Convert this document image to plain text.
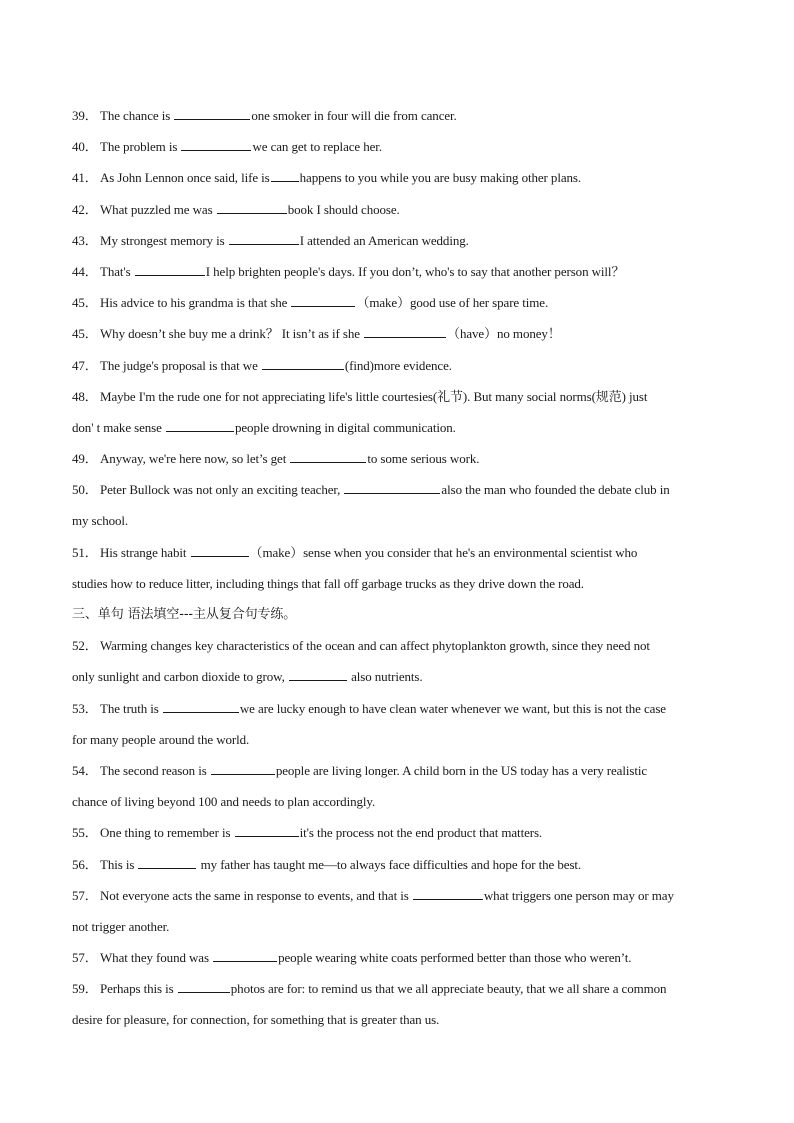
39． The chance is	one smoker in four will die from cancer.
40． The problem is	we can get to replace her.
41． As John Lennon once said, life is happens to you while you are busy making other plans.
42． What puzzled me was	book I should choose.
43． My strongest memory is	I attended an American wedding.
44． That's	I help brighten people's days. If you don’t, who's to say that another person will？
45． His advice to his grandma is that she	（make）good use of her spare time.
45． Why doesn’t she buy me a drink？ It isn’t as if she	（have）no money！
47． The judge's proposal is that we	(find)more evidence.
48． Maybe I'm the rude one for not appreciating life's little courtesies(礼节). But many social norms(规范) just
don' t make sense	people drowning in digital communication.
49． Anyway, we're here now, so let’s get	to some serious work.
50． Peter Bullock was not only an exciting teacher,	also the man who founded the debate club in
my school.
51． His strange habit	（make）sense when you consider that he's an environmental scientist who
studies how to reduce litter, including things that fall off garbage trucks as they drive down the road.
三、单句 语法填空---主从复合句专练。
52． Warming changes key characteristics of the ocean and can affect phytoplankton growth, since they need not
only sunlight and carbon dioxide to grow,	also nutrients.
53． The truth is	we are lucky enough to have clean water whenever we want, but this is not the case
for many people around the world.
54． The second reason is	people are living longer. A child born in the US today has a very realistic
chance of living beyond 100 and needs to plan accordingly.
55． One thing to remember is	it's the process not the end product that matters.
56． This is	my father has taught me—to always face difficulties and hope for the best.
57． Not everyone acts the same in response to events, and that is	what triggers one person may or may
not trigger another.
57． What they found was	people wearing white coats performed better than those who weren’t.
59． Perhaps this is	photos are for: to remind us that we all appreciate beauty, that we all share a common
desire for pleasure, for connection, for something that is greater than us.
